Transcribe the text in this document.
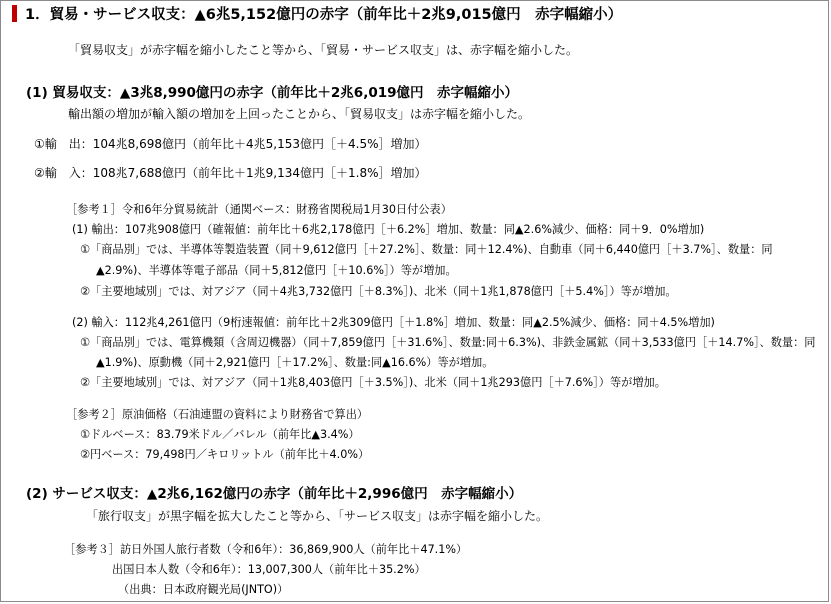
1．貿易・サービス収支：▲6兆5,152億円の赤字（前年比＋2兆9,015億円　赤字幅縮小）
「貿易収支」が赤字幅を縮小したこと等から、「貿易・サービス収支」は、赤字幅を縮小した。
(1) 貿易収支：▲3兆8,990億円の赤字（前年比＋2兆6,019億円　赤字幅縮小）
輸出額の増加が輸入額の増加を上回ったことから、「貿易収支」は赤字幅を縮小した。
①輸　出：104兆8,698億円（前年比＋4兆5,153億円［＋4.5%］増加）
②輸　入：108兆7,688億円（前年比＋1兆9,134億円［＋1.8%］増加）
［参考１］令和6年分貿易統計（通関ベース：財務省関税局1月30日付公表）
(1) 輸出：107兆908億円（確報値：前年比＋6兆2,178億円［＋6.2%］増加、数量：同▲2.6%減少、価格：同＋9．0%増加)
①「商品別」では、半導体等製造装置（同＋9,612億円［＋27.2%］、数量：同＋12.4%)、自動車（同＋6,440億円［＋3.7%］、数量：同
▲2.9%)、半導体等電子部品（同＋5,812億円［＋10.6%］）等が増加。
②「主要地域別」では、対アジア（同＋4兆3,732億円［＋8.3%］)、北米（同＋1兆1,878億円［＋5.4%］）等が増加。
(2) 輸入：112兆4,261億円（9桁速報値：前年比＋2兆309億円［＋1.8%］増加、数量：同▲2.5%減少、価格：同＋4.5%増加)
①「商品別」では、電算機類（含周辺機器）（同＋7,859億円［＋31.6%］、数量:同＋6.3%)、非鉄金属鉱（同＋3,533億円［＋14.7%］、数量：同
▲1.9%)、原動機（同＋2,921億円［＋17.2%］、数量:同▲16.6%）等が増加。
②「主要地域別」では、対アジア（同＋1兆8,403億円［＋3.5%］)、北米（同＋1兆293億円［＋7.6%］）等が増加。
［参考２］原油価格（石油連盟の資料により財務省で算出）
①ドルベース：83.79米ドル／バレル（前年比▲3.4%）
②円ベース：79,498円／キロリットル（前年比＋4.0%）
(2) サービス収支：▲2兆6,162億円の赤字（前年比＋2,996億円　赤字幅縮小）
「旅行収支」が黒字幅を拡大したこと等から、「サービス収支」は赤字幅を縮小した。
［参考３］訪日外国人旅行者数（令和6年）：36,869,900人（前年比＋47.1%）
出国日本人数（令和6年）：13,007,300人（前年比＋35.2%）
（出典：日本政府観光局(JNTO)）
